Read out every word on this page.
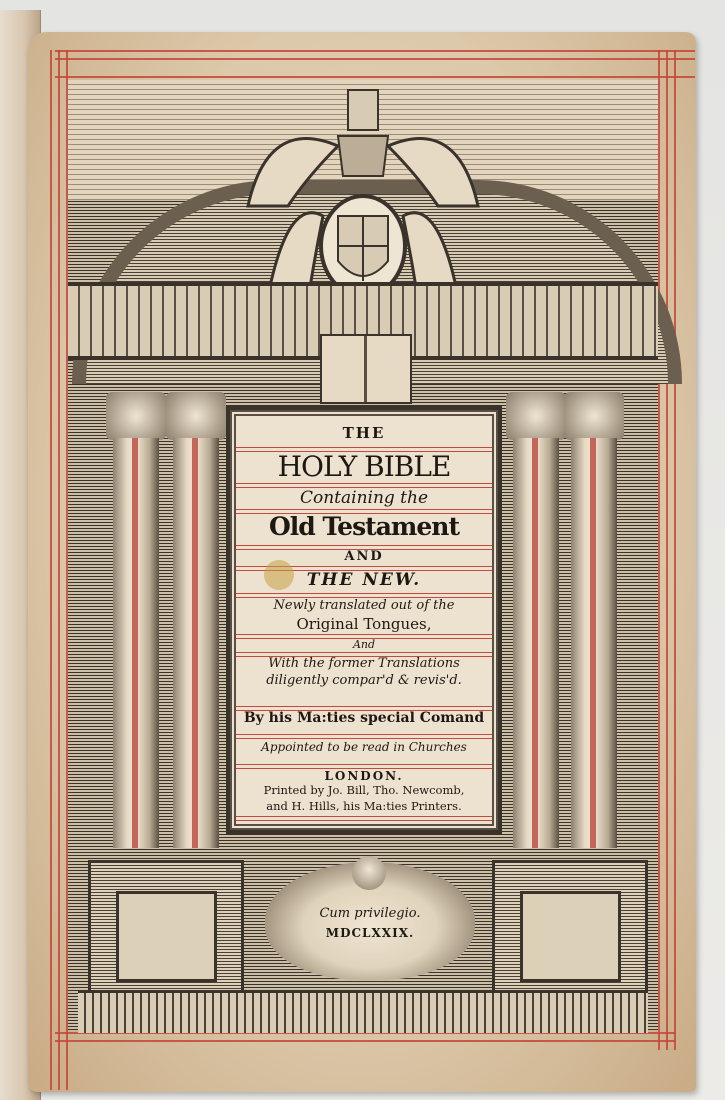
THE
HOLY BIBLE
Containing the
Old Testament
AND
THE NEW.
Newly translated out of the
Original Tongues,
And
With the former Translations
diligently compar'd & revis'd.
By his Ma:ties special Comand
Appointed to be read in Churches
LONDON.
Printed by Jo. Bill, Tho. Newcomb,
and H. Hills, his Ma:ties Printers.
Cum privilegio.
MDCLXXIX.
